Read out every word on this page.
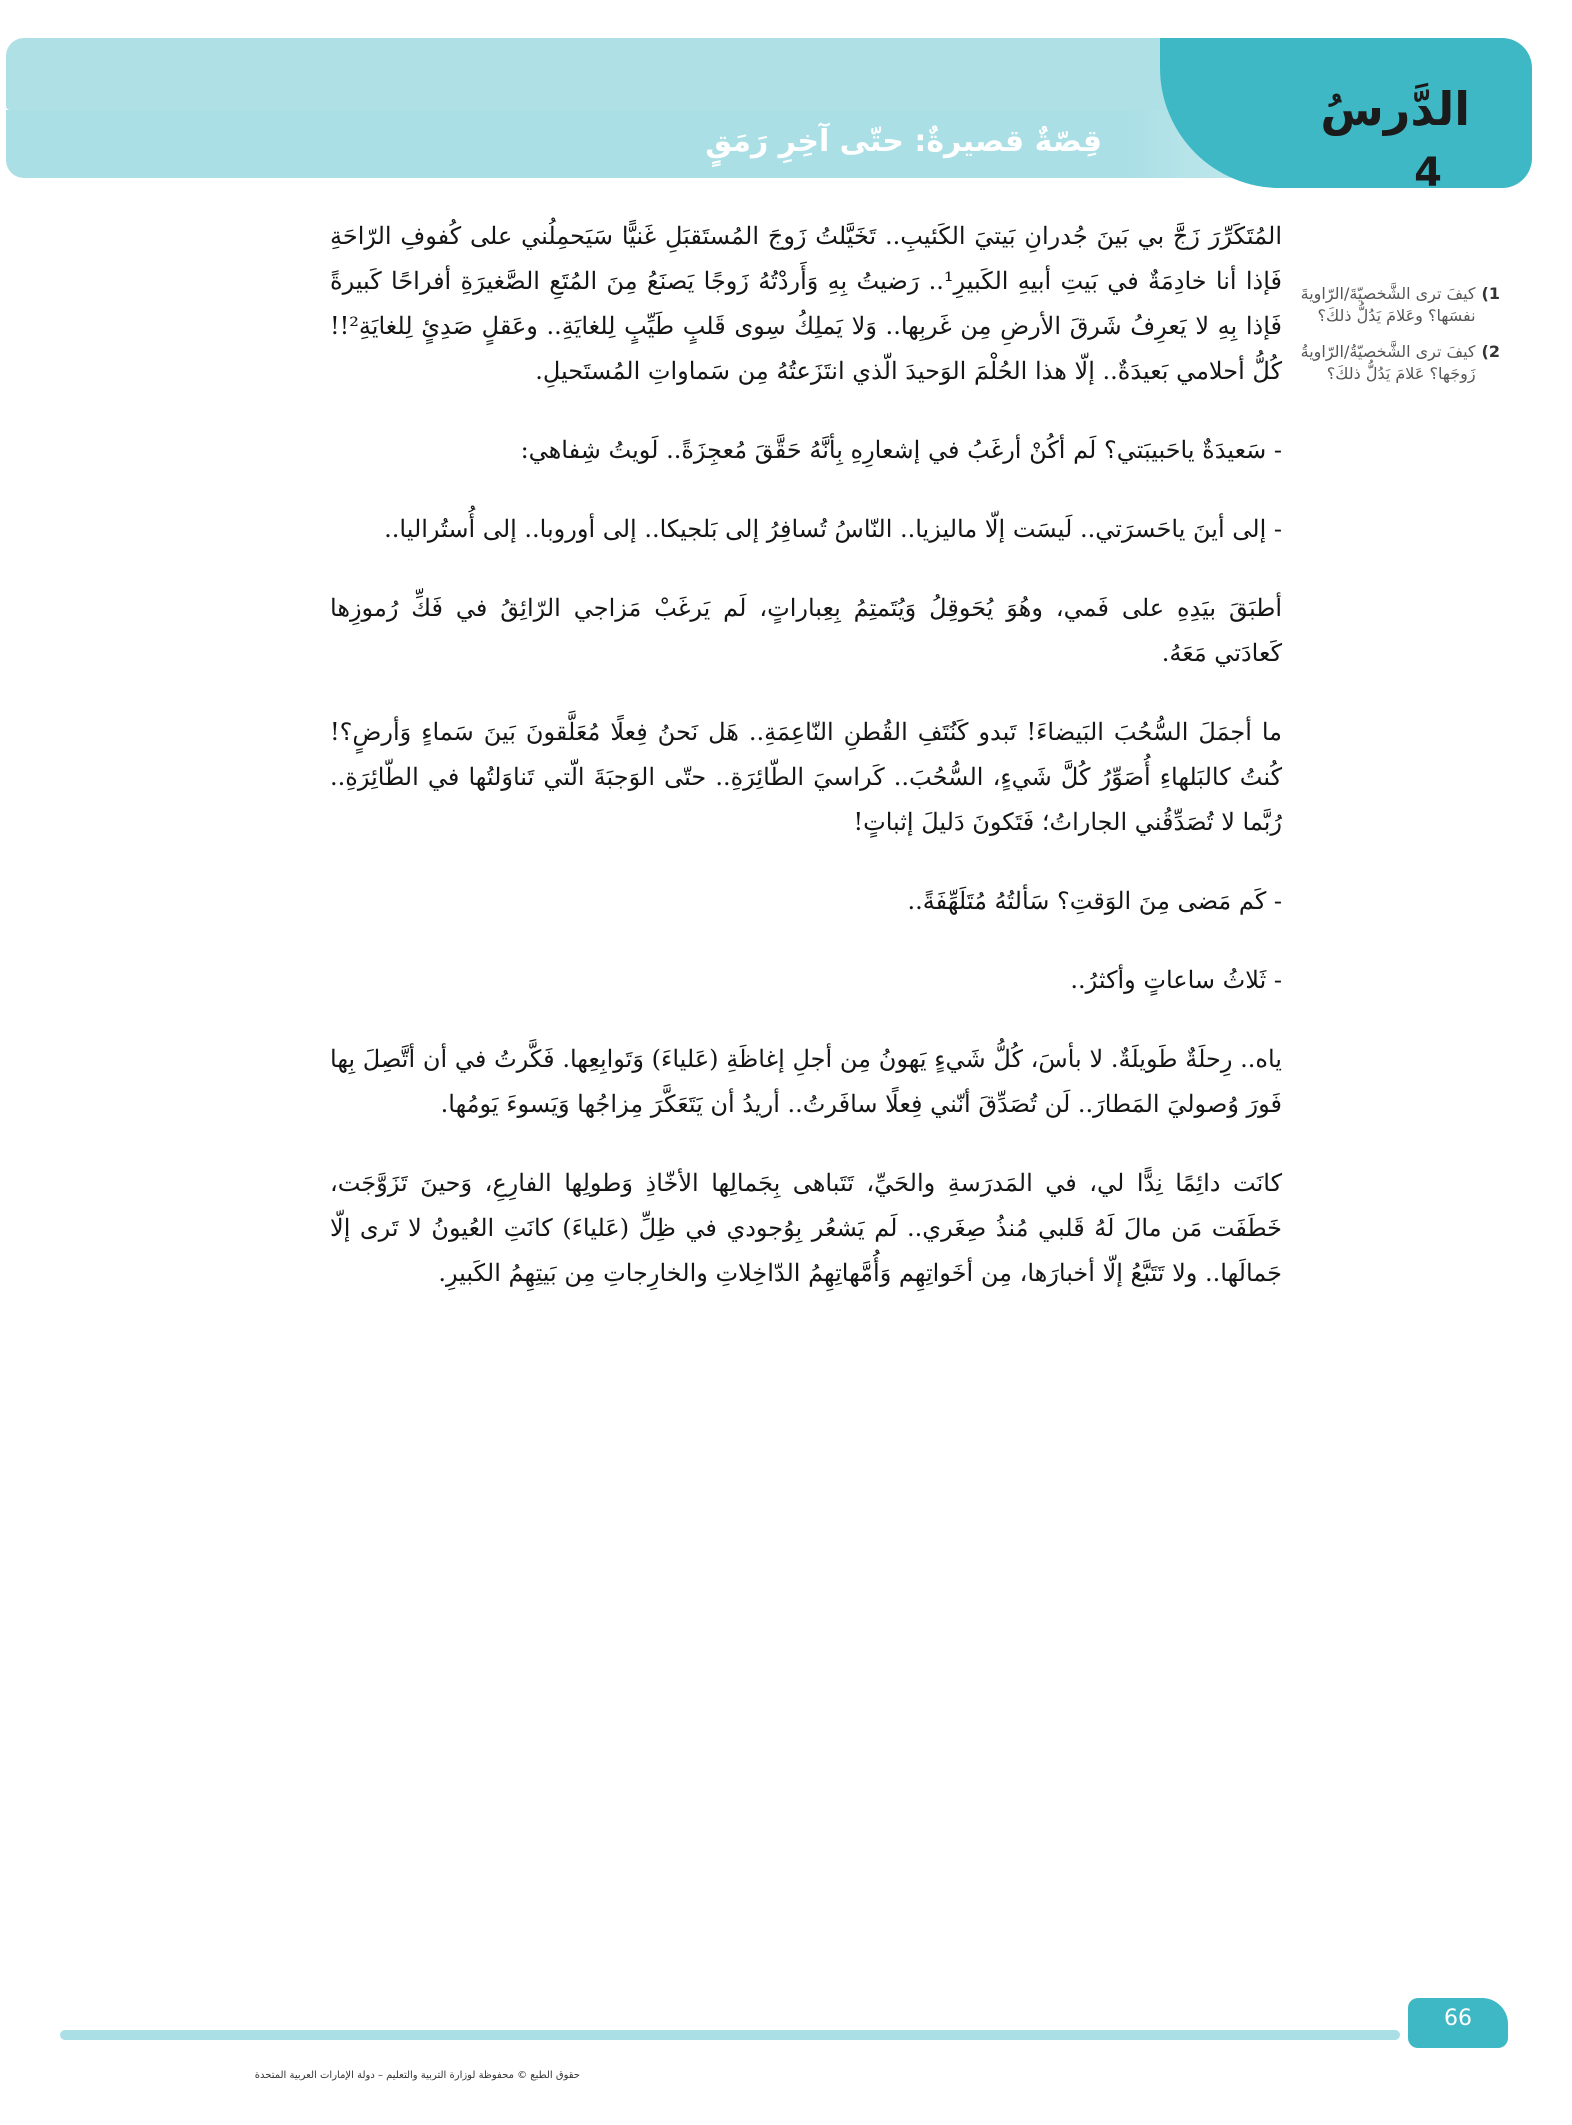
الدَّرسُ
4
قِصّةٌ قصيرةٌ: حتّى آخِرِ رَمَقٍ
1)
كيفَ ترى الشَّخصيّةَ/الرّاويةَ نفسَها؟ وعَلامَ يَدُلُّ ذلكَ؟
2)
كيفَ ترى الشَّخصيّةُ/الرّاويةُ زَوجَها؟ عَلامَ يَدُلُّ ذلكَ؟

المُتَكَرِّرَ زَجَّ بي بَينَ جُدرانِ بَيتيَ الكَئيبِ.. تَخَيَّلتُ زَوجَ المُستَقبَلِ غَنيًّا سَيَحمِلُني على كُفوفِ الرّاحَةِ فَإذا أنا خادِمَةٌ في بَيتِ أبيهِ الكَبيرِ¹.. رَضيتُ بِهِ وَأَردْتُهُ زَوجًا يَصنَعُ مِنَ المُتَعِ الصَّغيرَةِ أفراحًا كَبيرةً فَإذا بِهِ لا يَعرِفُ شَرقَ الأرضِ مِن غَربِها.. وَلا يَملِكُ سِوى قَلبٍ طَيِّبٍ لِلغايَةِ.. وعَقلٍ صَدِئٍ لِلغايَةِ²!! كُلُّ أحلامي بَعيدَةٌ.. إلّا هذا الحُلْمَ الوَحيدَ الّذي انتَزَعتُهُ مِن سَماواتِ المُستَحيلِ.

- سَعيدَةٌ ياحَبيبَتي؟ لَم أكُنْ أرغَبُ في إشعارِهِ بِأنَّهُ حَقَّقَ مُعجِزَةً.. لَويتُ شِفاهي:

- إلى أينَ ياحَسرَتي.. لَيسَت إلّا ماليزيا.. النّاسُ تُسافِرُ إلى بَلجيكا.. إلى أوروبا.. إلى أُستُراليا..

أطبَقَ بيَدِهِ على فَمي، وهُوَ يُحَوقِلُ وَيُتَمتِمُ بِعِباراتٍ، لَم يَرغَبْ مَزاجي الرّائِقُ في فَكِّ رُموزِها كَعادَتي مَعَهُ.

ما أجمَلَ السُّحُبَ البَيضاءَ! تَبدو كَنُتَفِ القُطنِ النّاعِمَةِ.. هَل نَحنُ فِعلًا مُعَلَّقونَ بَينَ سَماءٍ وَأرضٍ؟! كُنتُ كالبَلهاءِ أُصَوِّرُ كُلَّ شَيءٍ، السُّحُبَ.. كَراسيَ الطّائِرَةِ.. حتّى الوَجبَةَ الّتي تَناوَلتُها في الطّائِرَةِ.. رُبَّما لا تُصَدِّقُني الجاراتُ؛ فَتَكونَ دَليلَ إثباتٍ!

- كَم مَضى مِنَ الوَقتِ؟ سَألتُهُ مُتَلَهِّفَةً..

- ثَلاثُ ساعاتٍ وأكثرُ..

ياه.. رِحلَةٌ طَويلَةٌ. لا بأسَ، كُلُّ شَيءٍ يَهونُ مِن أجلِ إغاظَةِ (عَلياءَ) وَتَوابِعِها. فَكَّرتُ في أن أتَّصِلَ بِها فَورَ وُصوليَ المَطارَ.. لَن تُصَدِّقَ أنّني فِعلًا سافَرتُ.. أريدُ أن يَتَعَكَّرَ مِزاجُها وَيَسوءَ يَومُها.

كانَت دائِمًا نِدًّا لي، في المَدرَسةِ والحَيِّ، تَتَباهى بِجَمالِها الأخّاذِ وَطولِها الفارِعِ، وَحينَ تَزَوَّجَت، خَطَفَت مَن مالَ لَهُ قَلبي مُنذُ صِغَري.. لَم يَشعُر بِوُجودي في ظِلِّ (عَلياءَ) كانَتِ العُيونُ لا تَرى إلّا جَمالَها.. ولا تَتَبَّعُ إلّا أخبارَها، مِن أخَواتِهِم وَأُمَّهاتِهِمُ الدّاخِلاتِ والخارِجاتِ مِن بَيتِهِمُ الكَبيرِ.

66
حقوق الطبع © محفوظة لوزارة التربية والتعليم – دولة الإمارات العربية المتحدة
